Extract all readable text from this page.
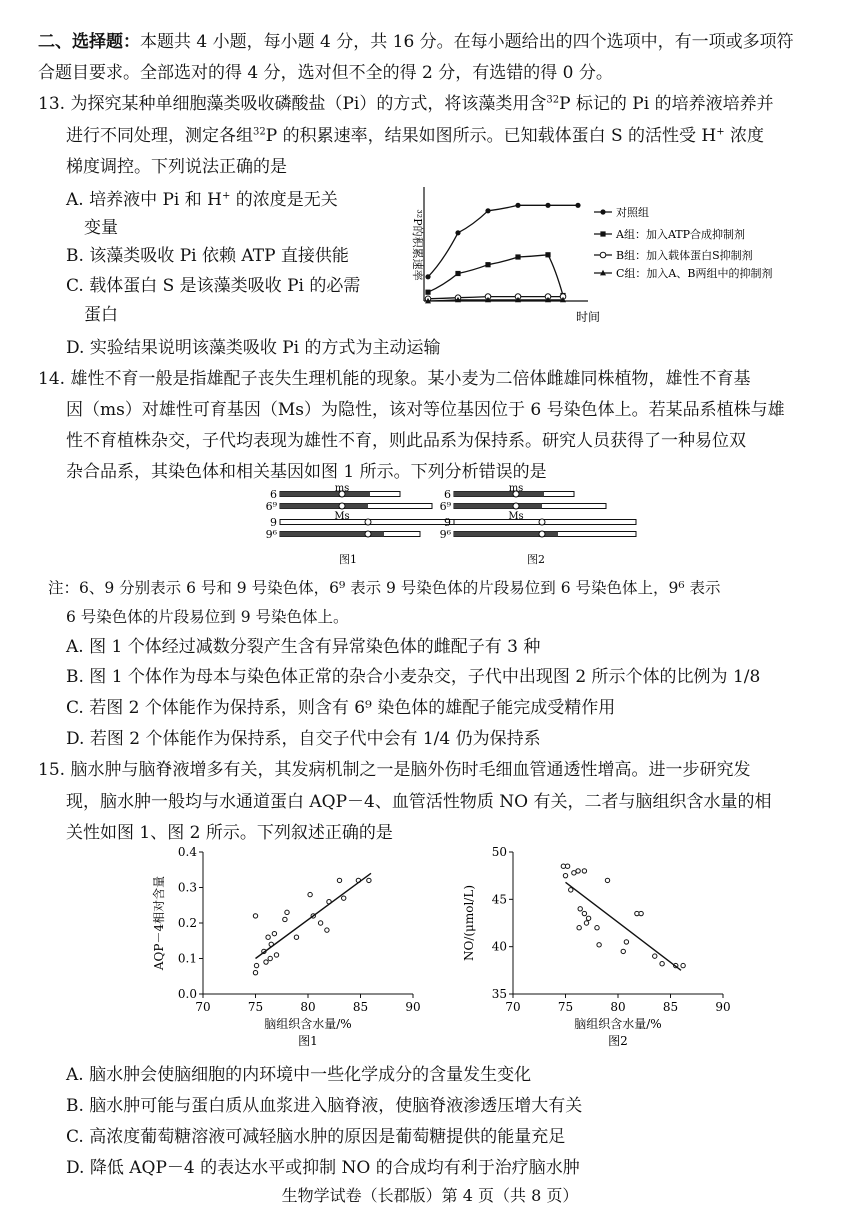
二、选择题：本题共 4 小题，每小题 4 分，共 16 分。在每小题给出的四个选项中，有一项或多项符
合题目要求。全部选对的得 4 分，选对但不全的得 2 分，有选错的得 0 分。
13. 为探究某种单细胞藻类吸收磷酸盐（Pi）的方式，将该藻类用含$^{32}$P 标记的 Pi 的培养液培养并
进行不同处理，测定各组$^{32}$P 的积累速率，结果如图所示。已知载体蛋白 S 的活性受 H+ 浓度
梯度调控。下列说法正确的是
A. 培养液中 Pi 和 H+ 的浓度是无关
变量
B. 该藻类吸收 Pi 依赖 ATP 直接供能
C. 载体蛋白 S 是该藻类吸收 Pi 的必需
蛋白
D. 实验结果说明该藻类吸收 Pi 的方式为主动运输
³²P的积累速率
时间
对照组
A组：加入ATP合成抑制剂
B组：加入载体蛋白S抑制剂
C组：加入A、B两组中的抑制剂
14. 雄性不育一般是指雄配子丧失生理机能的现象。某小麦为二倍体雌雄同株植物，雄性不育基
因（ms）对雄性可育基因（Ms）为隐性，该对等位基因位于 6 号染色体上。若某品系植株与雄
性不育植株杂交，子代均表现为雄性不育，则此品系为保持系。研究人员获得了一种易位双
杂合品系，其染色体和相关基因如图 1 所示。下列分析错误的是
6
6⁹
9
9⁶
ms
Ms
6
6⁹
9
9⁶
ms
Ms
图1	图2
注：6、9 分别表示 6 号和 9 号染色体，6⁹ 表示 9 号染色体的片段易位到 6 号染色体上，9⁶ 表示
6 号染色体的片段易位到 9 号染色体上。
A. 图 1 个体经过减数分裂产生含有异常染色体的雌配子有 3 种
B. 图 1 个体作为母本与染色体正常的杂合小麦杂交，子代中出现图 2 所示个体的比例为 1/8
C. 若图 2 个体能作为保持系，则含有 6⁹ 染色体的雄配子能完成受精作用
D. 若图 2 个体能作为保持系，自交子代中会有 1/4 仍为保持系
15. 脑水肿与脑脊液增多有关，其发病机制之一是脑外伤时毛细血管通透性增高。进一步研究发
现，脑水肿一般均与水通道蛋白 AQP－4、血管活性物质 NO 有关，二者与脑组织含水量的相
关性如图 1、图 2 所示。下列叙述正确的是
70	75	80	85	90
0.0
0.1
0.2
0.3
0.4
脑组织含水量/%
AQP－4相对含量
图1
70	75	80	85	90
35
40
45
50
脑组织含水量/%
NO/(μmol/L)
图2
A. 脑水肿会使脑细胞的内环境中一些化学成分的含量发生变化
B. 脑水肿可能与蛋白质从血浆进入脑脊液，使脑脊液渗透压增大有关
C. 高浓度葡萄糖溶液可减轻脑水肿的原因是葡萄糖提供的能量充足
D. 降低 AQP－4 的表达水平或抑制 NO 的合成均有利于治疗脑水肿
生物学试卷（长郡版）第 4 页（共 8 页）
